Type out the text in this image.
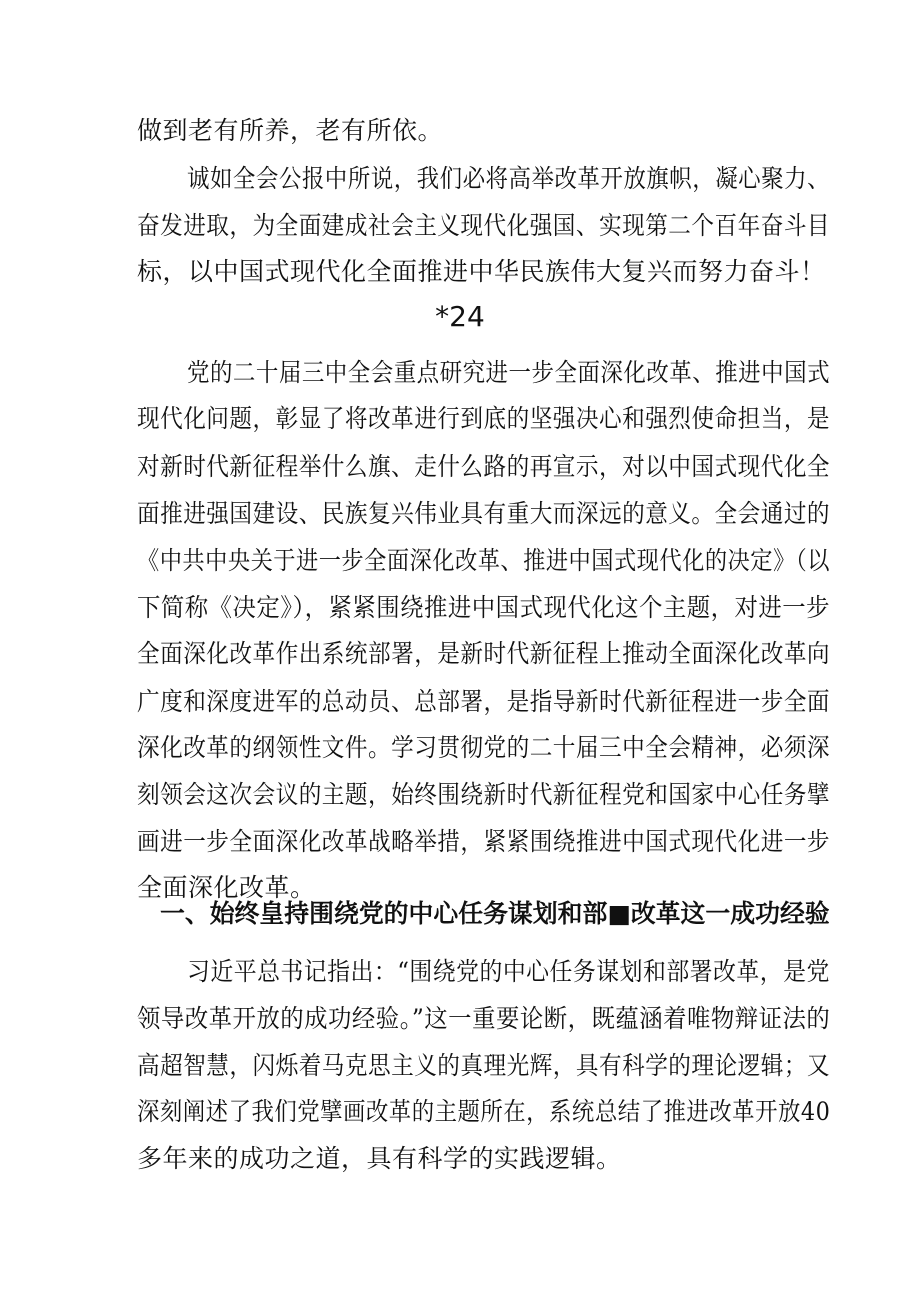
做到老有所养，老有所依。
诚如全会公报中所说，我们必将高举改革开放旗帜，凝心聚力、
奋发进取，为全面建成社会主义现代化强国、实现第二个百年奋斗目
标，以中国式现代化全面推进中华民族伟大复兴而努力奋斗！
*24
党的二十届三中全会重点研究进一步全面深化改革、推进中国式
现代化问题，彰显了将改革进行到底的坚强决心和强烈使命担当，是
对新时代新征程举什么旗、走什么路的再宣示，对以中国式现代化全
面推进强国建设、民族复兴伟业具有重大而深远的意义。全会通过的
《中共中央关于进一步全面深化改革、推进中国式现代化的决定》（以
下简称《决定》），紧紧围绕推进中国式现代化这个主题，对进一步
全面深化改革作出系统部署，是新时代新征程上推动全面深化改革向
广度和深度进军的总动员、总部署，是指导新时代新征程进一步全面
深化改革的纲领性文件。学习贯彻党的二十届三中全会精神，必须深
刻领会这次会议的主题，始终围绕新时代新征程党和国家中心任务擘
画进一步全面深化改革战略举措，紧紧围绕推进中国式现代化进一步
全面深化改革。
一、始终皇持围绕党的中心任务谋划和部■改革这一成功经验
习近平总书记指出：“围绕党的中心任务谋划和部署改革，是党
领导改革开放的成功经验。”这一重要论断，既蕴涵着唯物辩证法的
高超智慧，闪烁着马克思主义的真理光辉，具有科学的理论逻辑；又
深刻阐述了我们党擘画改革的主题所在，系统总结了推进改革开放40
多年来的成功之道，具有科学的实践逻辑。
